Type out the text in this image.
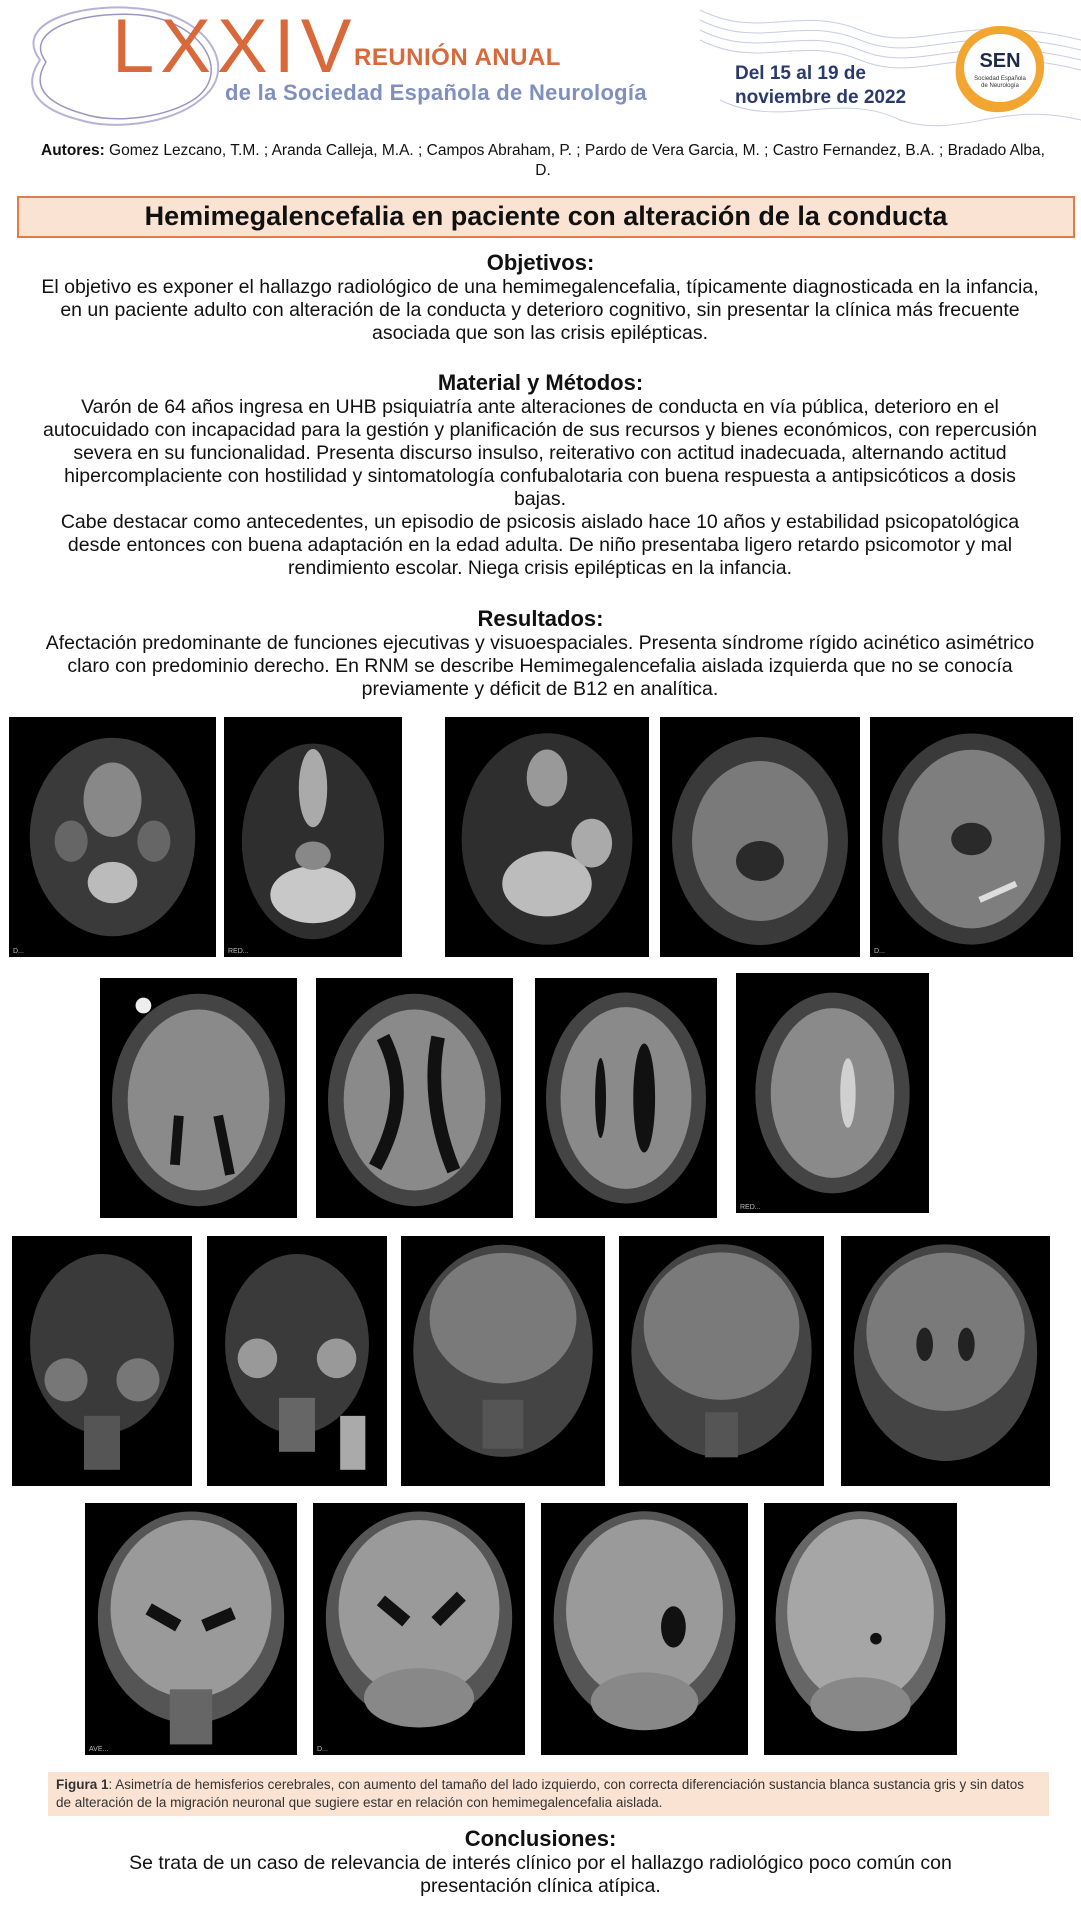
LXXIV
REUNIÓN ANUAL
de la Sociedad Española de Neurología
Del 15 al 19 de
noviembre de 2022
SEN
Sociedad Española
de Neurología
Autores: Gomez Lezcano, T.M. ; Aranda Calleja, M.A. ; Campos Abraham, P. ; Pardo de Vera Garcia, M. ; Castro Fernandez, B.A. ; Bradado Alba, D.
Hemimegalencefalia en paciente con alteración de la conducta
Objetivos:

El objetivo es exponer el hallazgo radiológico de una hemimegalencefalia, típicamente diagnosticada en la infancia, en un paciente adulto con alteración de la conducta y deterioro cognitivo, sin presentar la clínica más frecuente asociada que son las crisis epilépticas.

Material y Métodos:

Varón de 64 años ingresa en UHB psiquiatría ante alteraciones de conducta en vía pública, deterioro en el autocuidado con incapacidad para la gestión y planificación de sus recursos y bienes económicos, con repercusión severa en su funcionalidad. Presenta discurso insulso, reiterativo con actitud inadecuada, alternando actitud hipercomplaciente con hostilidad y sintomatología confubalotaria con buena respuesta a antipsicóticos a dosis bajas.

Cabe destacar como antecedentes, un episodio de psicosis aislado hace 10 años y estabilidad psicopatológica desde entonces con buena adaptación en la edad adulta. De niño presentaba ligero retardo psicomotor y mal rendimiento escolar. Niega crisis epilépticas en la infancia.

Resultados:

Afectación predominante de funciones ejecutivas y visuoespaciales. Presenta síndrome rígido acinético asimétrico claro con predominio derecho. En RNM se describe Hemimegalencefalia aislada izquierda que no se conocía previamente y déficit de B12 en analítica.

D...	RED...	D...
RED...
AVE...	D...
Figura 1: Asimetría de hemisferios cerebrales, con aumento del tamaño del lado izquierdo, con correcta diferenciación sustancia blanca sustancia gris y sin datos de alteración de la migración neuronal que sugiere estar en relación con hemimegalencefalia aislada.
Conclusiones:

Se trata de un caso de relevancia de interés clínico por el hallazgo radiológico poco común con presentación clínica atípica.
